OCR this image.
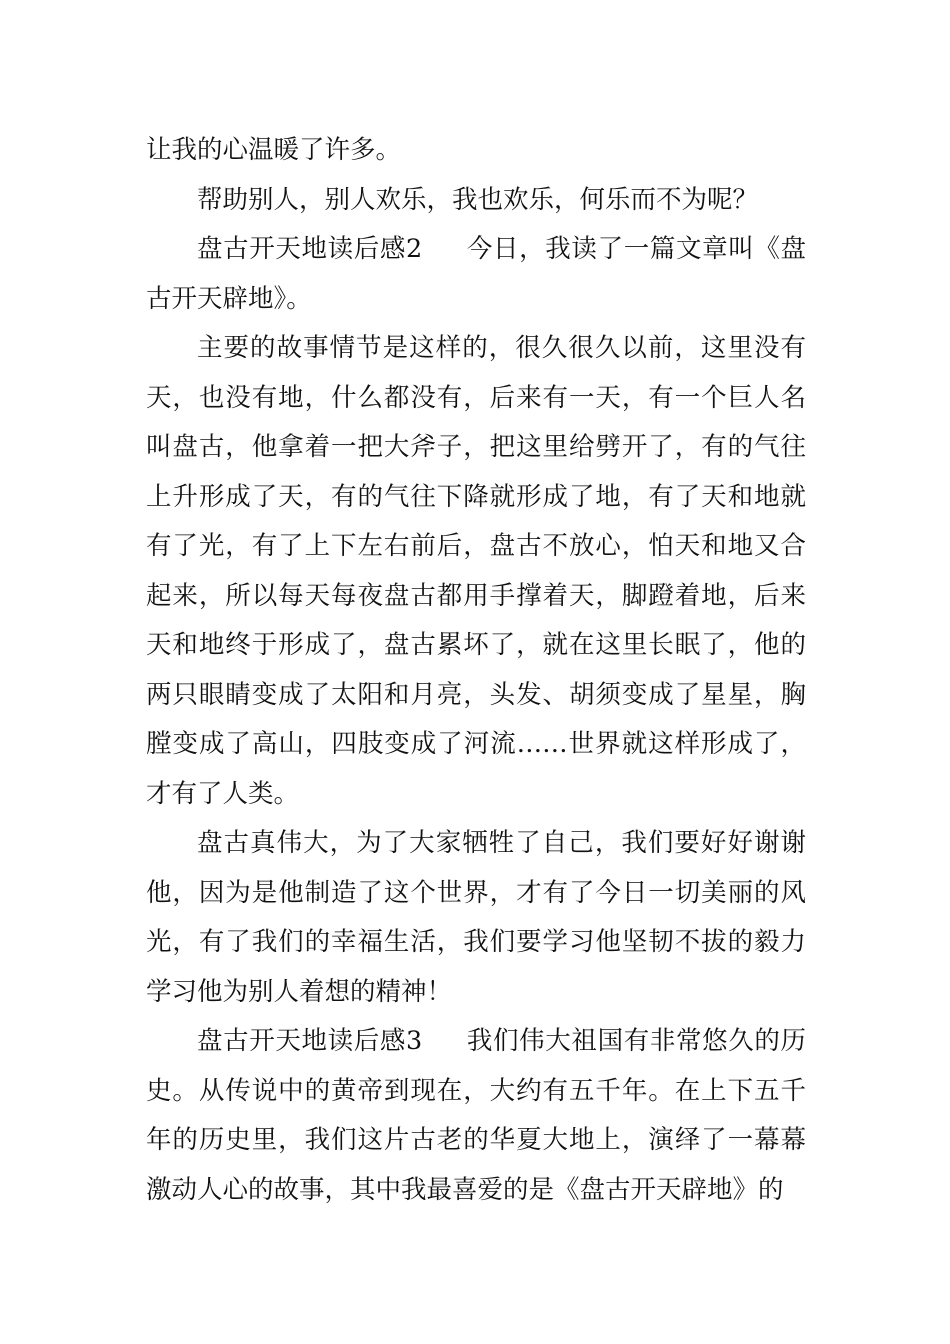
让我的心温暖了许多。

帮助别人，别人欢乐，我也欢乐，何乐而不为呢？

盘古开天地读后感2 今日，我读了一篇文章叫《盘古开天辟地》。

主要的故事情节是这样的，很久很久以前，这里没有天，也没有地，什么都没有，后来有一天，有一个巨人名叫盘古，他拿着一把大斧子，把这里给劈开了，有的气往上升形成了天，有的气往下降就形成了地，有了天和地就有了光，有了上下左右前后，盘古不放心，怕天和地又合起来，所以每天每夜盘古都用手撑着天，脚蹬着地，后来天和地终于形成了，盘古累坏了，就在这里长眠了，他的两只眼睛变成了太阳和月亮，头发、胡须变成了星星，胸膛变成了高山，四肢变成了河流……世界就这样形成了，才有了人类。

盘古真伟大，为了大家牺牲了自己，我们要好好谢谢他，因为是他制造了这个世界，才有了今日一切美丽的风光，有了我们的幸福生活，我们要学习他坚韧不拔的毅力学习他为别人着想的精神！

盘古开天地读后感3 我们伟大祖国有非常悠久的历史。从传说中的黄帝到现在，大约有五千年。在上下五千年的历史里，我们这片古老的华夏大地上，演绎了一幕幕激动人心的故事，其中我最喜爱的是《盘古开天辟地》的
